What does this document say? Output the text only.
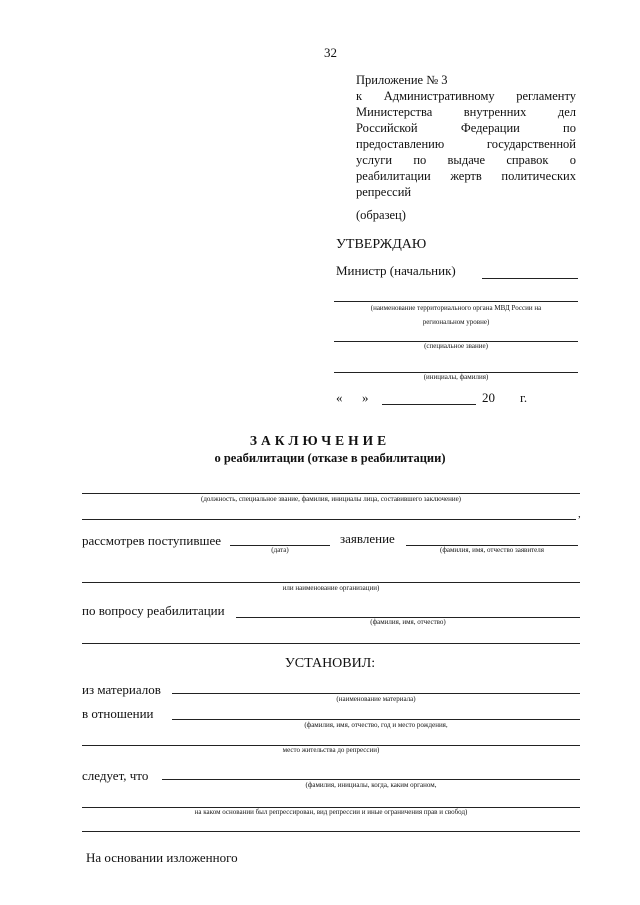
32
Приложение № 3
к Административному регламенту
Министерства внутренних дел
Российской Федерации по
предоставлению государственной
услуги по выдаче справок о
реабилитации жертв политических
репрессий
(образец)
УТВЕРЖДАЮ
Министр (начальник)
(наименование территориального органа МВД России на
региональном уровне)
(специальное звание)
(инициалы, фамилия)
« »	20 г.
ЗАКЛЮЧЕНИЕ
о реабилитации (отказе в реабилитации)
(должность, специальное звание, фамилия, инициалы лица, составившего заключение)
,
рассмотрев поступившее
(дата)
заявление
(фамилия, имя, отчество заявителя
или наименование организации)
по вопросу реабилитации
(фамилия, имя, отчество)
УСТАНОВИЛ:
из материалов
(наименование материала)
в отношении
(фамилия, имя, отчество, год и место рождения,
место жительства до репрессии)
следует, что
(фамилия, инициалы, когда, каким органом,
на каком основании был репрессирован, вид репрессии и иные ограничения прав и свобод)
На основании изложенного
